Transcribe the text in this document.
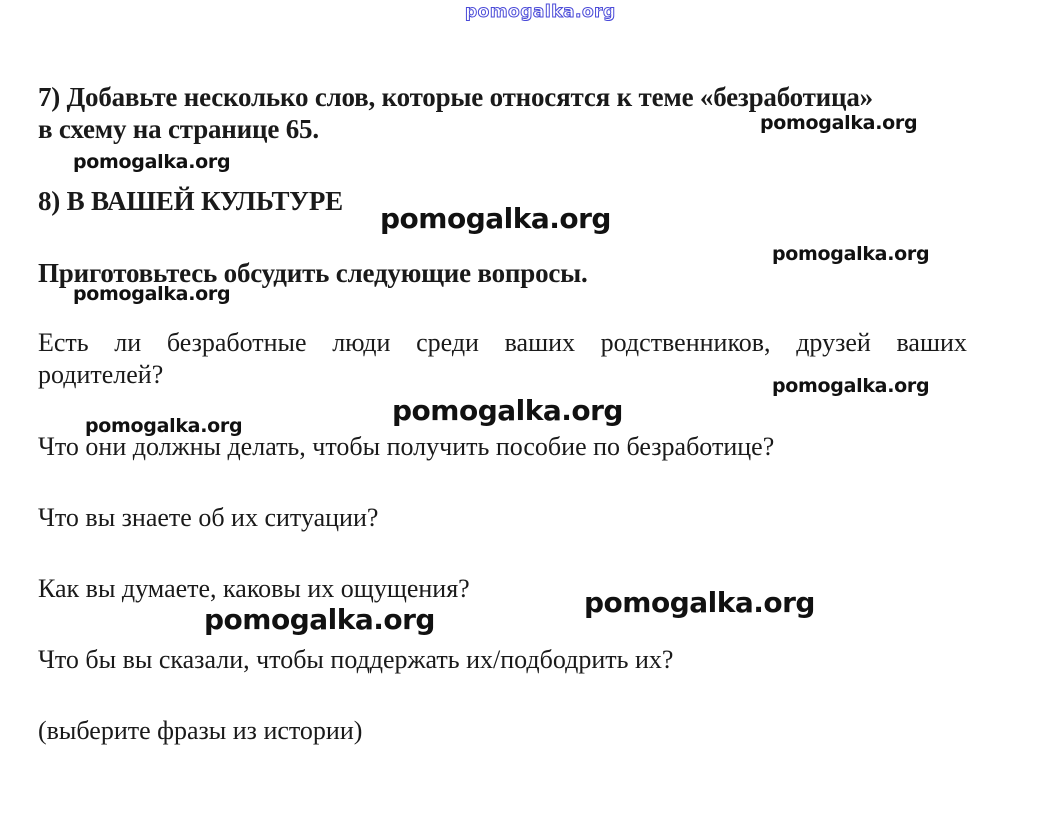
pomogalka.org
7) Добавьте несколько слов, которые относятся к теме «безработица»
в схему на странице 65.
8) В ВАШЕЙ КУЛЬТУРЕ
Приготовьтесь обсудить следующие вопросы.
Есть ли безработные люди среди ваших родственников, друзей ваших
родителей?
Что они должны делать, чтобы получить пособие по безработице?
Что вы знаете об их ситуации?
Как вы думаете, каковы их ощущения?
Что бы вы сказали, чтобы поддержать их/подбодрить их?
(выберите фразы из истории)
pomogalka.org
pomogalka.org
pomogalka.org
pomogalka.org
pomogalka.org
pomogalka.org
pomogalka.org
pomogalka.org
pomogalka.org
pomogalka.org
